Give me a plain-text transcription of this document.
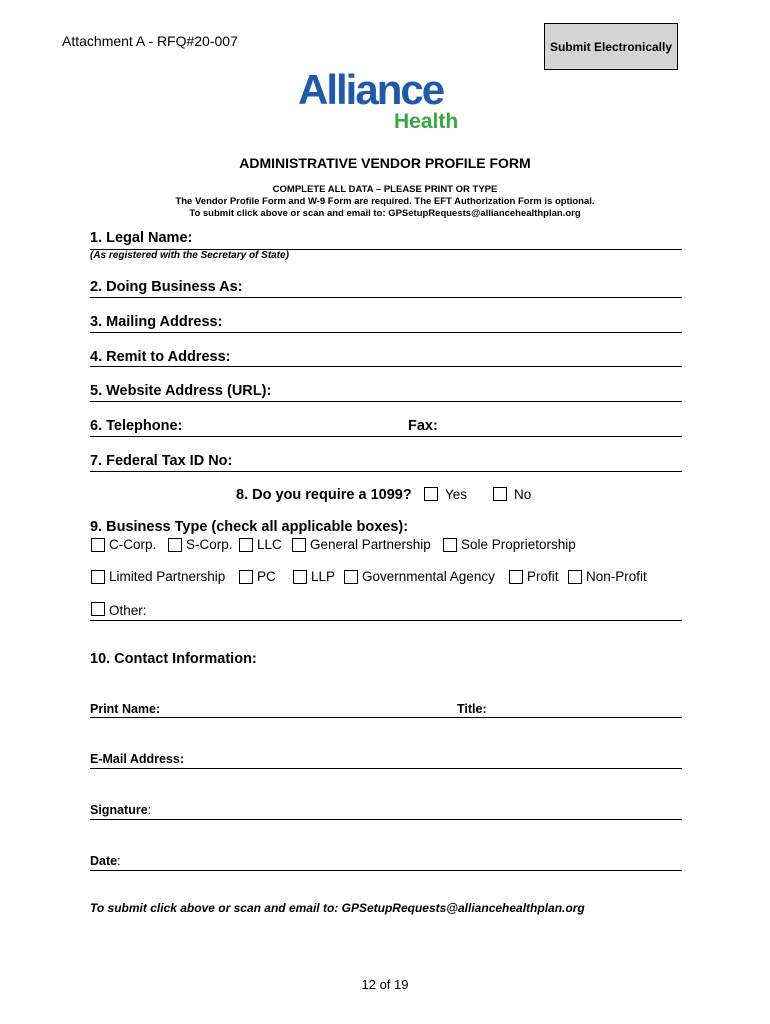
Attachment A - RFQ#20-007	Submit Electronically
Alliance
Health
ADMINISTRATIVE VENDOR PROFILE FORM
COMPLETE ALL DATA – PLEASE PRINT OR TYPE
The Vendor Profile Form and W-9 Form are required. The EFT Authorization Form is optional.
To submit click above or scan and email to: GPSetupRequests@alliancehealthplan.org
1. Legal Name:
(As registered with the Secretary of State)
2. Doing Business As:
3. Mailing Address:
4. Remit to Address:
5. Website Address (URL):
6. Telephone:	Fax:
7. Federal Tax ID No:
8. Do you require a 1099? Yes	No
9. Business Type (check all applicable boxes):
C-Corp. S-Corp. LLC General Partnership Sole Proprietorship
Limited Partnership PC	LLP Governmental Agency Profit Non-Profit
Other:
10. Contact Information:
Print Name:	Title:
E-Mail Address:
Signature:
Date:
To submit click above or scan and email to: GPSetupRequests@alliancehealthplan.org
12 of 19
